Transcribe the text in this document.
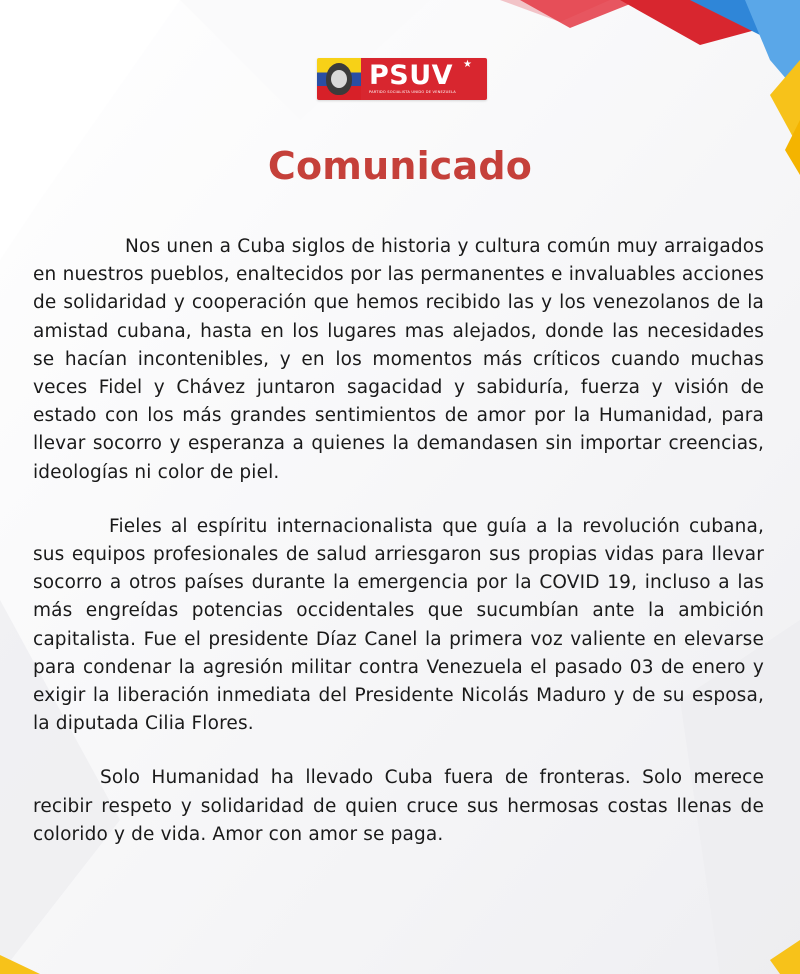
PSUV ★
PARTIDO SOCIALISTA UNIDO DE VENEZUELA
Comunicado

Nos unen a Cuba siglos de historia y cultura común muy arraigados en nuestros pueblos, enaltecidos por las permanentes e invaluables acciones de solidaridad y cooperación que hemos recibido las y los venezolanos de la amistad cubana, hasta en los lugares mas alejados, donde las necesidades se hacían incontenibles, y en los momentos más críticos cuando muchas veces Fidel y Chávez juntaron sagacidad y sabiduría, fuerza y visión de estado con los más grandes sentimientos de amor por la Humanidad, para llevar socorro y esperanza a quienes la demandasen sin importar creencias, ideologías ni color de piel.

Fieles al espíritu internacionalista que guía a la revolución cubana, sus equipos profesionales de salud arriesgaron sus propias vidas para llevar socorro a otros países durante la emergencia por la COVID 19, incluso a las más engreídas potencias occidentales que sucumbían ante la ambición capitalista. Fue el presidente Díaz Canel la primera voz valiente en elevarse para condenar la agresión militar contra Venezuela el pasado 03 de enero y exigir la liberación inmediata del Presidente Nicolás Maduro y de su esposa, la diputada Cilia Flores.

Solo Humanidad ha llevado Cuba fuera de fronteras. Solo merece recibir respeto y solidaridad de quien cruce sus hermosas costas llenas de colorido y de vida. Amor con amor se paga.
